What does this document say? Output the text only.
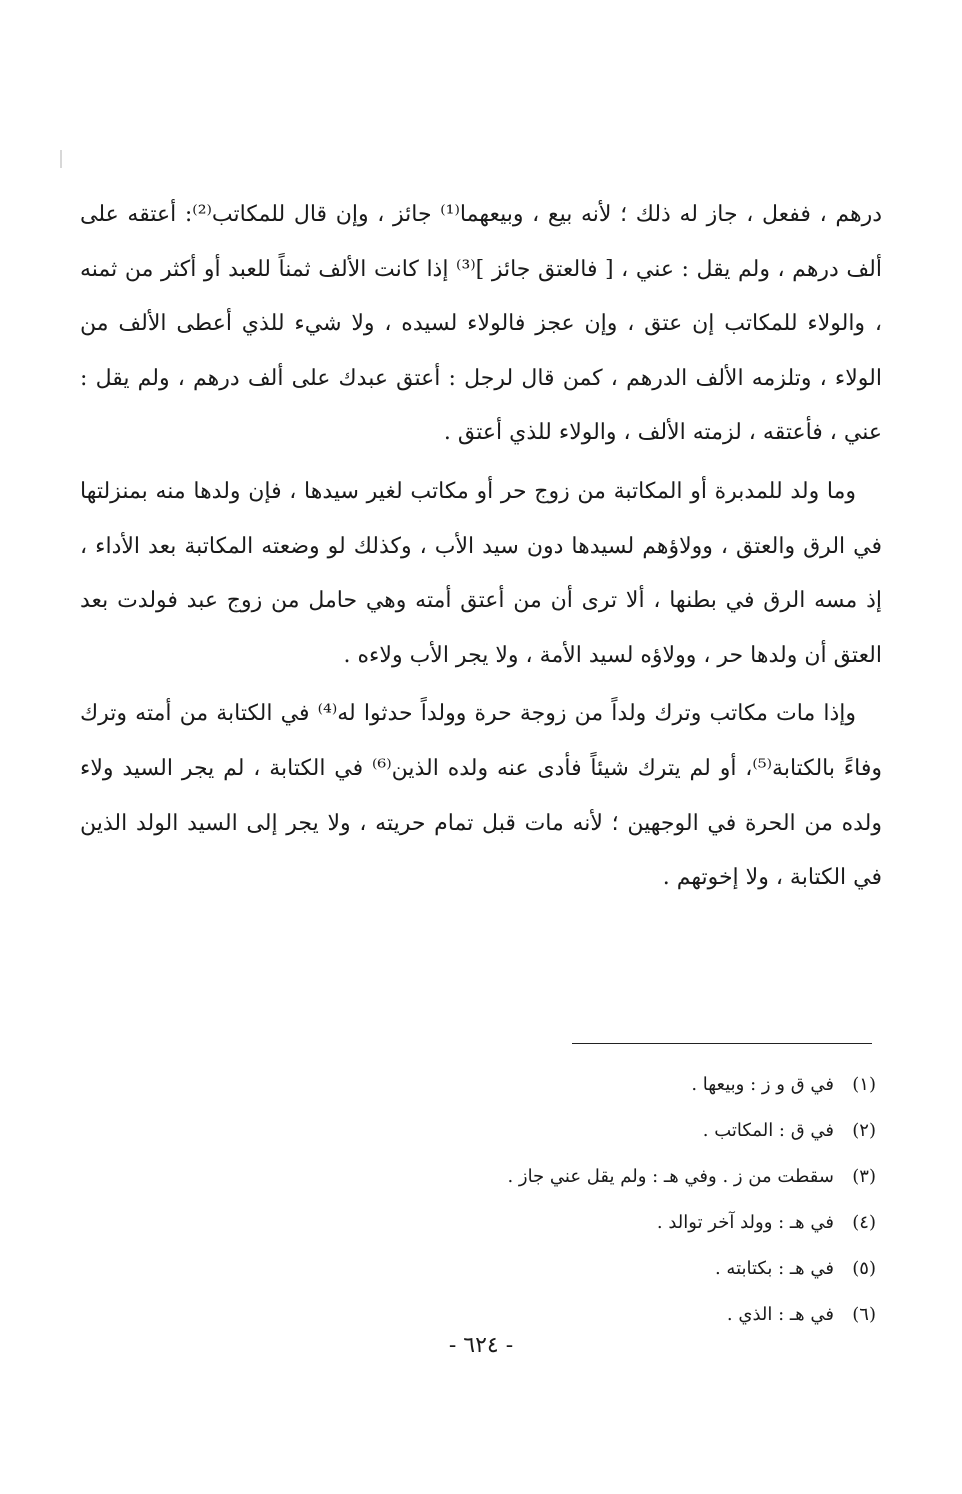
درهم ، ففعل ، جاز له ذلك ؛ لأنه بيع ، وبيعهما⁽¹⁾ جائز ، وإن قال للمكاتب⁽²⁾: أعتقه على ألف درهم ، ولم يقل : عني ، [ فالعتق جائز ]⁽³⁾ إذا كانت الألف ثمناً للعبد أو أكثر من ثمنه ، والولاء للمكاتب إن عتق ، وإن عجز فالولاء لسيده ، ولا شيء للذي أعطى الألف من الولاء ، وتلزمه الألف الدرهم ، كمن قال لرجل : أعتق عبدك على ألف درهم ، ولم يقل : عني ، فأعتقه ، لزمته الألف ، والولاء للذي أعتق .

وما ولد للمدبرة أو المكاتبة من زوج حر أو مكاتب لغير سيدها ، فإن ولدها منه بمنزلتها في الرق والعتق ، وولاؤهم لسيدها دون سيد الأب ، وكذلك لو وضعته المكاتبة بعد الأداء ، إذ مسه الرق في بطنها ، ألا ترى أن من أعتق أمته وهي حامل من زوج عبد فولدت بعد العتق أن ولدها حر ، وولاؤه لسيد الأمة ، ولا يجر الأب ولاءه .

وإذا مات مكاتب وترك ولداً من زوجة حرة وولداً حدثوا له⁽⁴⁾ في الكتابة من أمته وترك وفاءً بالكتابة⁽⁵⁾، أو لم يترك شيئاً فأدى عنه ولده الذين⁽⁶⁾ في الكتابة ، لم يجر السيد ولاء ولده من الحرة في الوجهين ؛ لأنه مات قبل تمام حريته ، ولا يجر إلى السيد الولد الذين في الكتابة ، ولا إخوتهم .

(١)في ق و ز : وبيعها .
(٢)في ق : المكاتب .
(٣)سقطت من ز . وفي هـ : ولم يقل عني جاز .
(٤)في هـ : وولد آخر توالد .
(٥)في هـ : بكتابته .
(٦)في هـ : الذي .
- ٦٢٤ -
